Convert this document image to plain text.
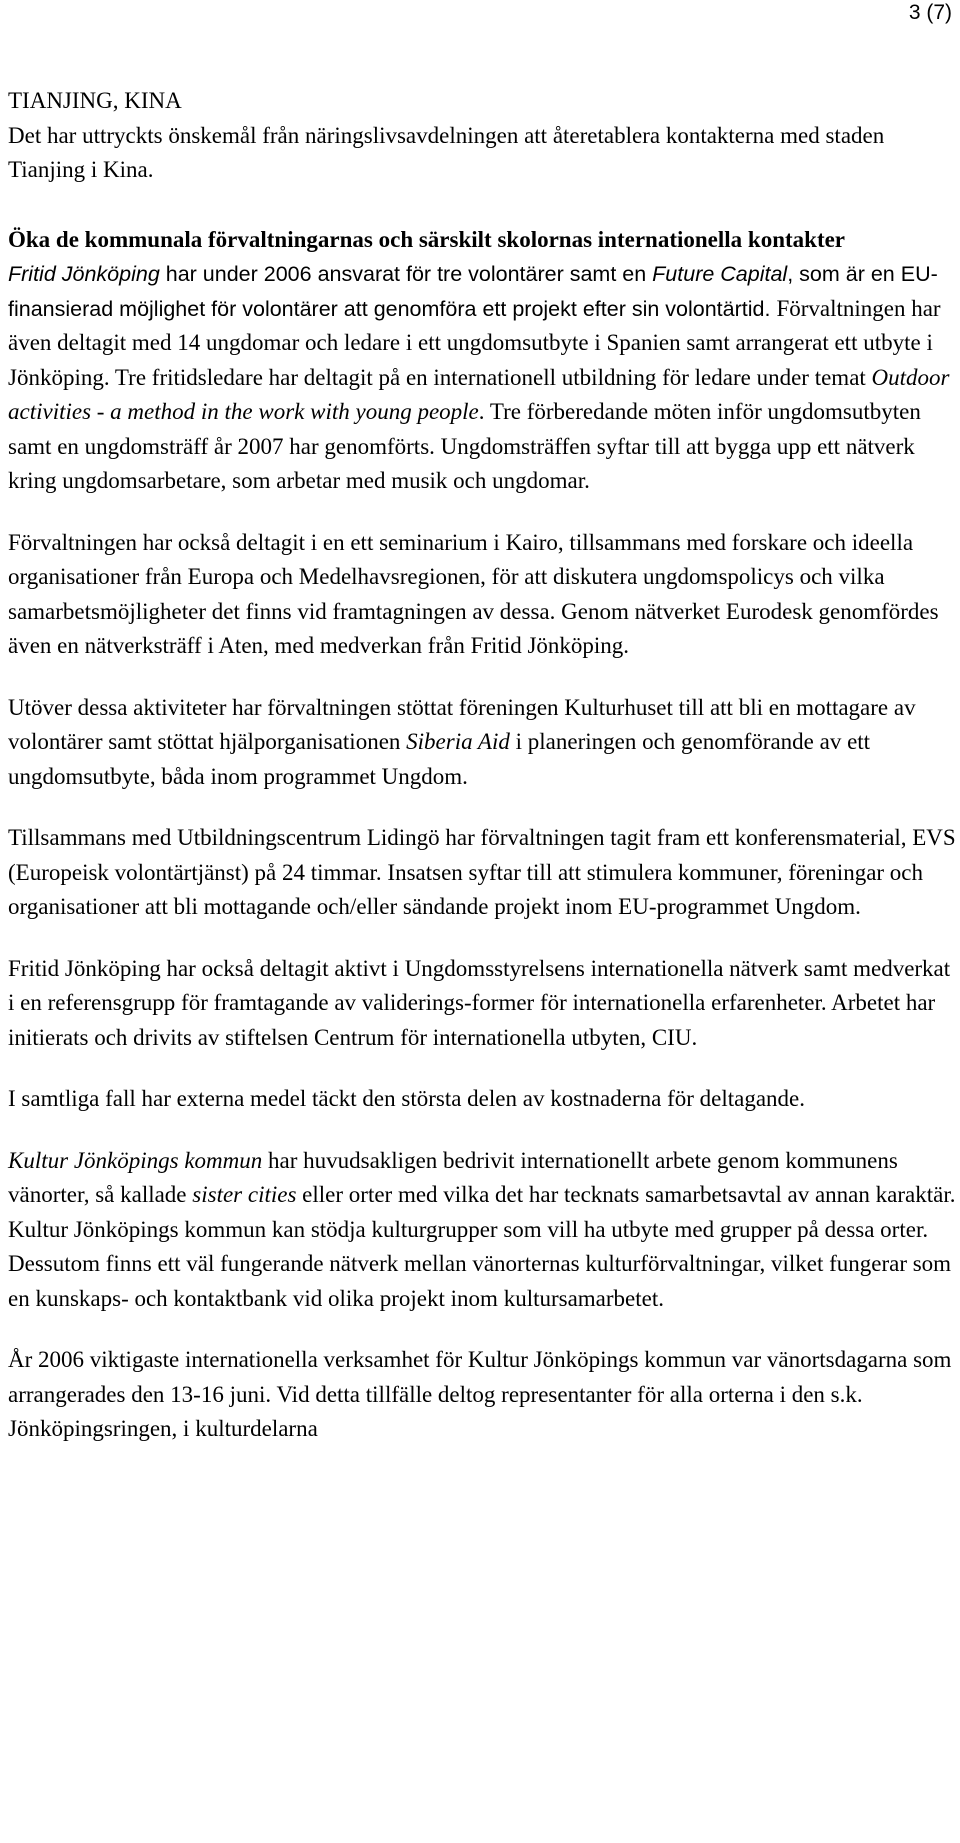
3 (7)

TIANJING, KINA

Det har uttryckts önskemål från näringslivsavdelningen att återetablera kontakterna med staden Tianjing i Kina.

Öka de kommunala förvaltningarnas och särskilt skolornas internationella kontakter

Fritid Jönköping har under 2006 ansvarat för tre volontärer samt en Future Capital, som är en EU-finansierad möjlighet för volontärer att genomföra ett projekt efter sin volontärtid. Förvaltningen har även deltagit med 14 ungdomar och ledare i ett ungdomsutbyte i Spanien samt arrangerat ett utbyte i Jönköping. Tre fritidsledare har deltagit på en internationell utbildning för ledare under temat Outdoor activities - a method in the work with young people. Tre förberedande möten inför ungdomsutbyten samt en ungdomsträff år 2007 har genomförts. Ungdomsträffen syftar till att bygga upp ett nätverk kring ungdomsarbetare, som arbetar med musik och ungdomar.

Förvaltningen har också deltagit i en ett seminarium i Kairo, tillsammans med forskare och ideella organisationer från Europa och Medelhavsregionen, för att diskutera ungdomspolicys och vilka samarbetsmöjligheter det finns vid framtagningen av dessa. Genom nätverket Eurodesk genomfördes även en nätverksträff i Aten, med medverkan från Fritid Jönköping.

Utöver dessa aktiviteter har förvaltningen stöttat föreningen Kulturhuset till att bli en mottagare av volontärer samt stöttat hjälporganisationen Siberia Aid i planeringen och genomförande av ett ungdomsutbyte, båda inom programmet Ungdom.

Tillsammans med Utbildningscentrum Lidingö har förvaltningen tagit fram ett konferensmaterial, EVS (Europeisk volontärtjänst) på 24 timmar. Insatsen syftar till att stimulera kommuner, föreningar och organisationer att bli mottagande och/eller sändande projekt inom EU-programmet Ungdom.

Fritid Jönköping har också deltagit aktivt i Ungdomsstyrelsens internationella nätverk samt medverkat i en referensgrupp för framtagande av validerings-former för internationella erfarenheter. Arbetet har initierats och drivits av stiftelsen Centrum för internationella utbyten, CIU.

I samtliga fall har externa medel täckt den största delen av kostnaderna för deltagande.

Kultur Jönköpings kommun har huvudsakligen bedrivit internationellt arbete genom kommunens vänorter, så kallade sister cities eller orter med vilka det har tecknats samarbetsavtal av annan karaktär. Kultur Jönköpings kommun kan stödja kulturgrupper som vill ha utbyte med grupper på dessa orter. Dessutom finns ett väl fungerande nätverk mellan vänorternas kulturförvaltningar, vilket fungerar som en kunskaps- och kontaktbank vid olika projekt inom kultursamarbetet.

År 2006 viktigaste internationella verksamhet för Kultur Jönköpings kommun var vänortsdagarna som arrangerades den 13-16 juni. Vid detta tillfälle deltog representanter för alla orterna i den s.k. Jönköpingsringen, i kulturdelarna
